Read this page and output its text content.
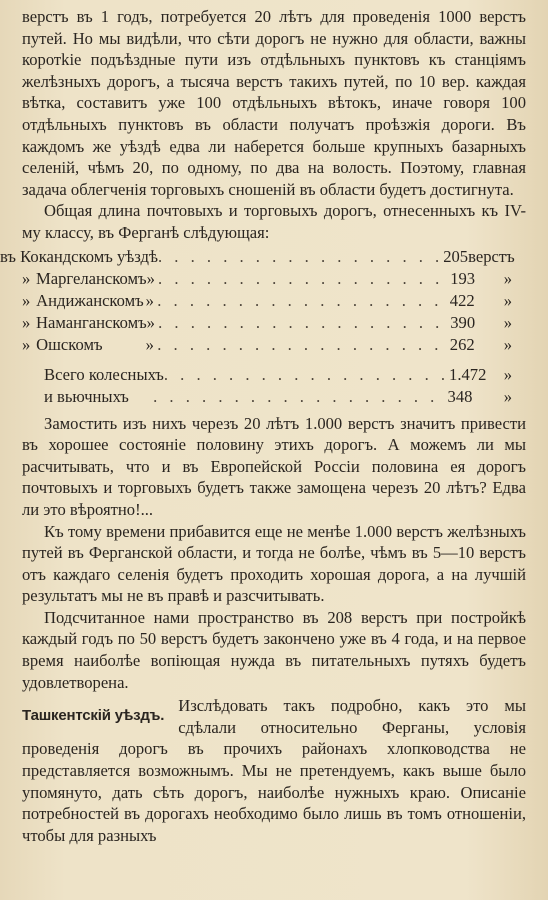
верстъ въ 1 годъ, потребуется 20 лѣтъ для проведенія 1000 верстъ путей. Но мы видѣли, что сѣти дорогъ не нужно для области, важны коротkie подъѣздные пути изъ отдѣльныхъ пунктовъ къ станціямъ желѣзныхъ дорогъ, а тысяча верстъ такихъ путей, по 10 вер. каждая вѣтка, составитъ уже 100 отдѣльныхъ вѣтокъ, иначе говоря 100 отдѣльныхъ пунктовъ въ области получатъ проѣзжія дороги. Въ каждомъ же уѣздѣ едва ли наберется больше крупныхъ базарныхъ селеній, чѣмъ 20, по одному, по два на волость. Поэтому, главная задача облегченія торговыхъ сношеній въ области будетъ достигнута.

Общая длина почтовыхъ и торговыхъ дорогъ, отнесенныхъ къ IV-му классу, въ Ферганѣ слѣдующая:

въ Кокандскомъ уѣздѣ . . . . . . . . . . . . . . . . . . 205 верстъ
» Маргеланскомъ » . . . . . . . . . . . . . . . . . . 193	»
» Андижанскомъ » . . . . . . . . . . . . . . . . . . 422	»
» Наманганскомъ » . . . . . . . . . . . . . . . . . . 390	»
» Ошскомъ	» . . . . . . . . . . . . . . . . . . 262	»
Всего колесныхъ . . . . . . . . . . . . . . . . . . 1.472	»
и вьючныхъ	. . . . . . . . . . . . . . . . . . 348	»

Замостить изъ нихъ черезъ 20 лѣтъ 1.000 верстъ значитъ привести въ хорошее состояніе половину этихъ дорогъ. А можемъ ли мы расчитывать, что и въ Европейской Россіи половина ея дорогъ почтовыхъ и торговыхъ будетъ также замощена черезъ 20 лѣтъ? Едва ли это вѣроятно!...

Къ тому времени прибавится еще не менѣе 1.000 верстъ желѣзныхъ путей въ Ферганской области, и тогда не болѣе, чѣмъ въ 5—10 верстъ отъ каждаго селенія будетъ проходить хорошая дорога, а на лучшій результатъ мы не въ правѣ и разсчитывать.

Подсчитанное нами пространство въ 208 верстъ при постройкѣ каждый годъ по 50 верстъ будетъ закончено уже въ 4 года, и на первое время наиболѣе вопіющая нужда въ питательныхъ путяхъ будетъ удовлетворена.

Ташкентскій уѣздъ.

Изслѣдовать такъ подробно, какъ это мы сдѣлали относительно Ферганы, условія проведенія дорогъ въ прочихъ районахъ хлопководства не представляется возможнымъ. Мы не претендуемъ, какъ выше было упомянуто, дать сѣть дорогъ, наиболѣе нужныхъ краю. Описаніе потребностей въ дорогахъ необходимо было лишь въ томъ отношеніи, чтобы для разныхъ
